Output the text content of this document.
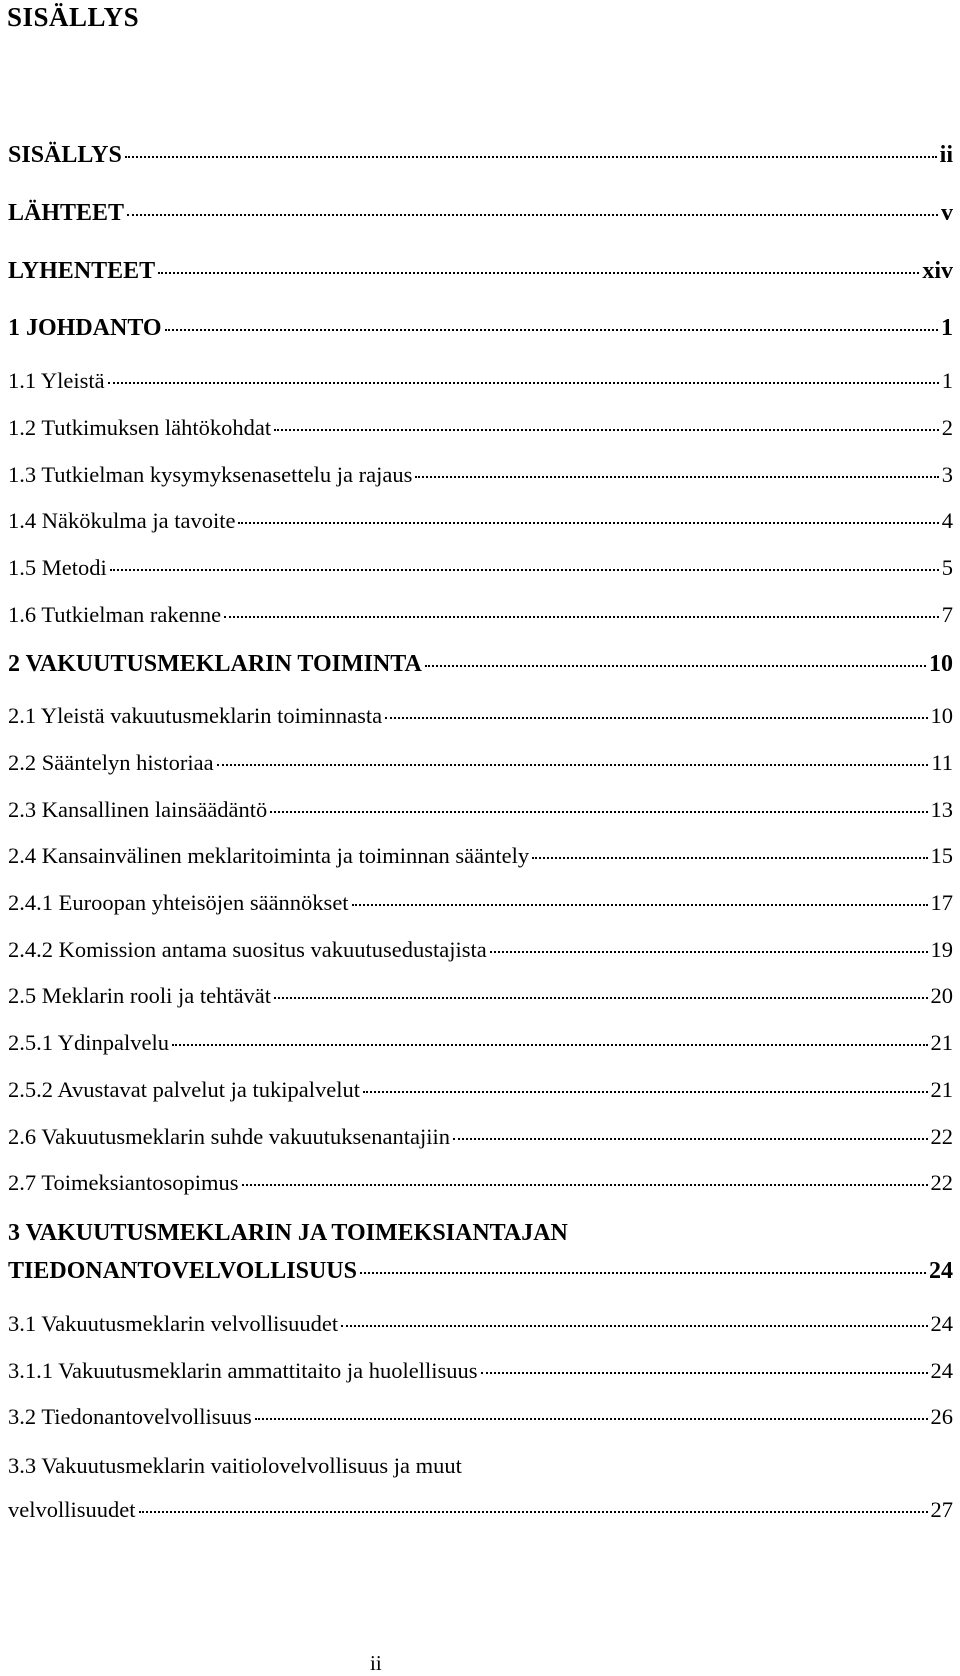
SISÄLLYS
SISÄLLYS	ii
LÄHTEET	v
LYHENTEET	xiv
1 JOHDANTO	1
1.1 Yleistä	1
1.2 Tutkimuksen lähtökohdat	2
1.3 Tutkielman kysymyksenasettelu ja rajaus	3
1.4 Näkökulma ja tavoite	4
1.5 Metodi	5
1.6 Tutkielman rakenne	7
2 VAKUUTUSMEKLARIN TOIMINTA	10
2.1 Yleistä vakuutusmeklarin toiminnasta	10
2.2 Sääntelyn historiaa	11
2.3 Kansallinen lainsäädäntö	13
2.4 Kansainvälinen meklaritoiminta ja toiminnan sääntely	15
2.4.1 Euroopan yhteisöjen säännökset	17
2.4.2 Komission antama suositus vakuutusedustajista	19
2.5 Meklarin rooli ja tehtävät	20
2.5.1 Ydinpalvelu	21
2.5.2 Avustavat palvelut ja tukipalvelut	21
2.6 Vakuutusmeklarin suhde vakuutuksenantajiin	22
2.7 Toimeksiantosopimus	22
3 VAKUUTUSMEKLARIN JA TOIMEKSIANTAJAN
TIEDONANTOVELVOLLISUUS	24
3.1 Vakuutusmeklarin velvollisuudet	24
3.1.1 Vakuutusmeklarin ammattitaito ja huolellisuus	24
3.2 Tiedonantovelvollisuus	26
3.3 Vakuutusmeklarin vaitiolovelvollisuus ja muut
velvollisuudet	27
ii
